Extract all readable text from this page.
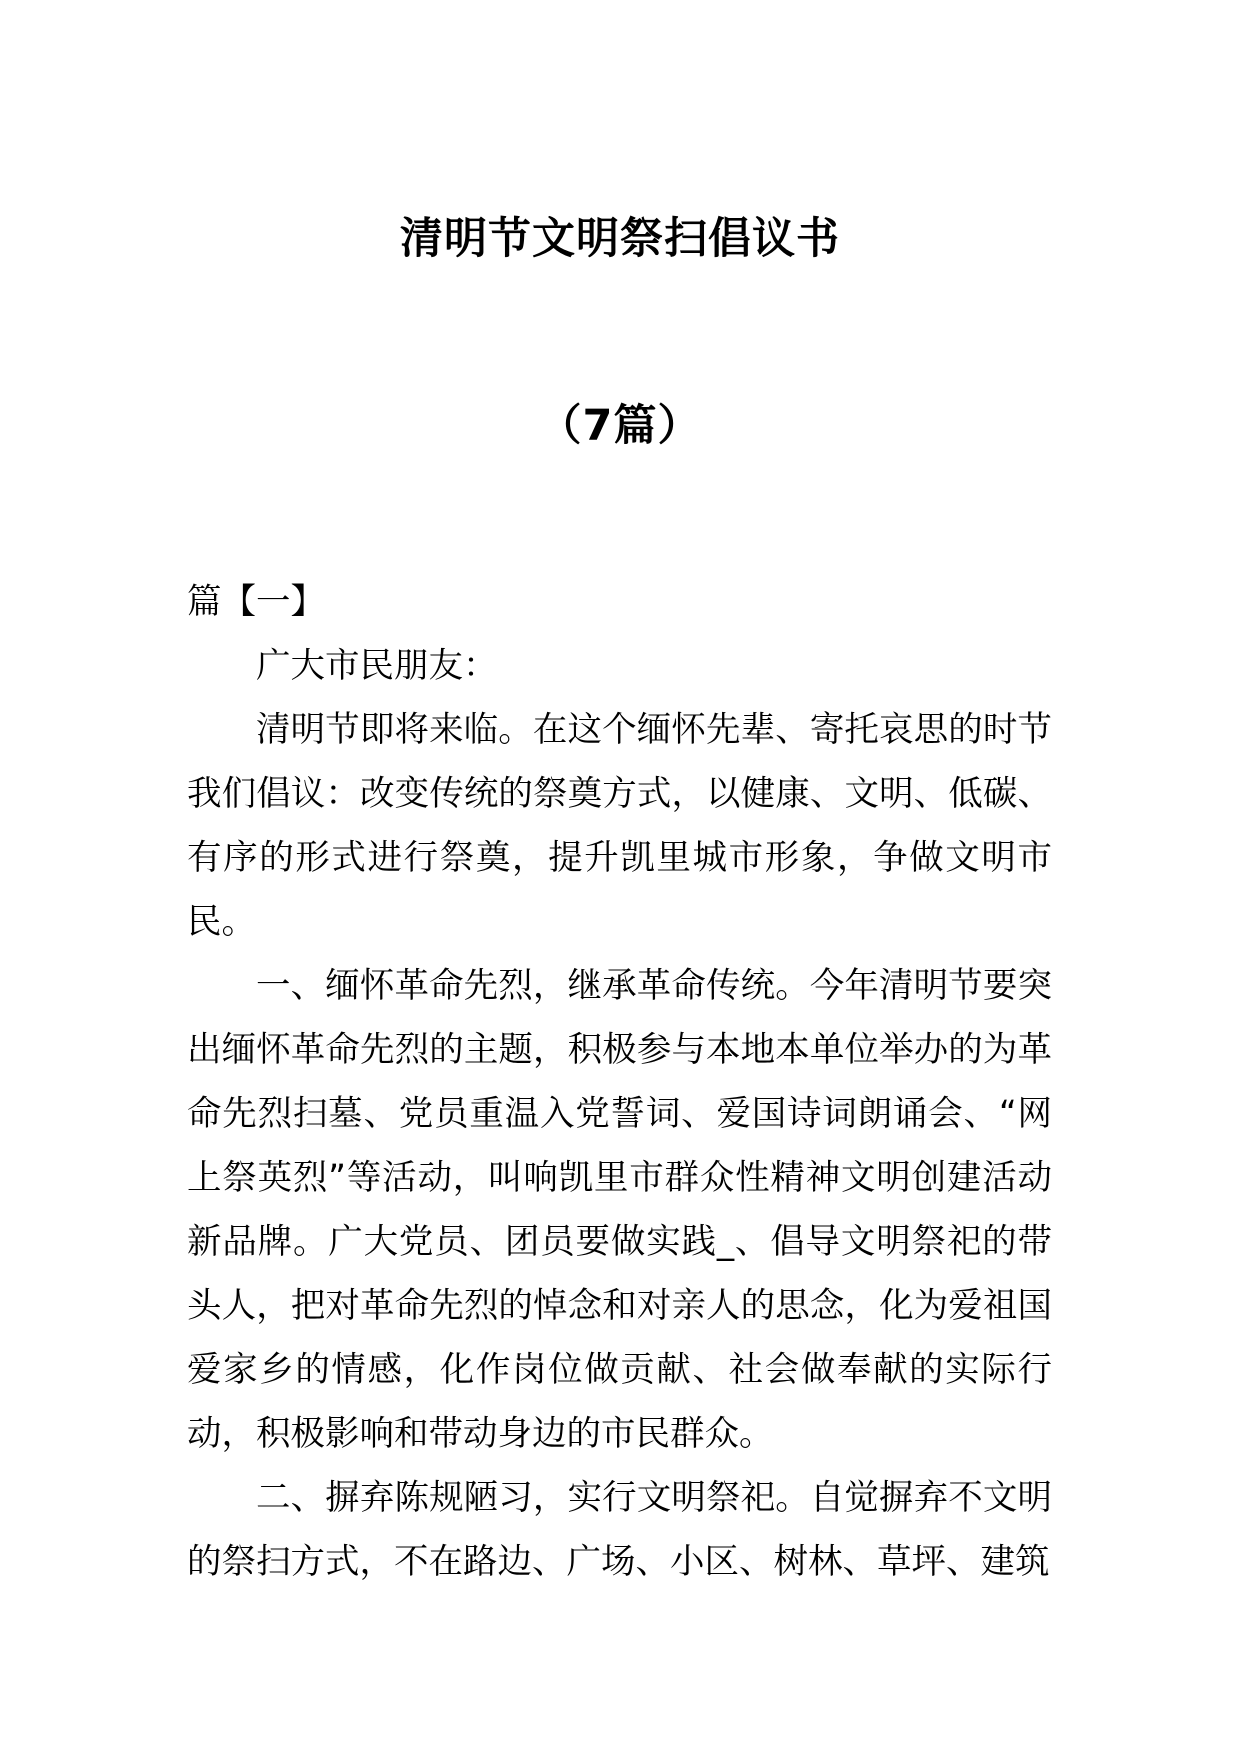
清明节文明祭扫倡议书
（7篇）

篇【一】

广大市民朋友：

清明节即将来临。在这个缅怀先辈、寄托哀思的时节我们倡议：改变传统的祭奠方式，以健康、文明、低碳、有序的形式进行祭奠，提升凯里城市形象，争做文明市民。

一、缅怀革命先烈，继承革命传统。今年清明节要突出缅怀革命先烈的主题，积极参与本地本单位举办的为革命先烈扫墓、党员重温入党誓词、爱国诗词朗诵会、“网上祭英烈”等活动，叫响凯里市群众性精神文明创建活动新品牌。广大党员、团员要做实践_、倡导文明祭祀的带头人，把对革命先烈的悼念和对亲人的思念，化为爱祖国爱家乡的情感，化作岗位做贡献、社会做奉献的实际行动，积极影响和带动身边的市民群众。

二、摒弃陈规陋习，实行文明祭祀。自觉摒弃不文明的祭扫方式，不在路边、广场、小区、树林、草坪、建筑
